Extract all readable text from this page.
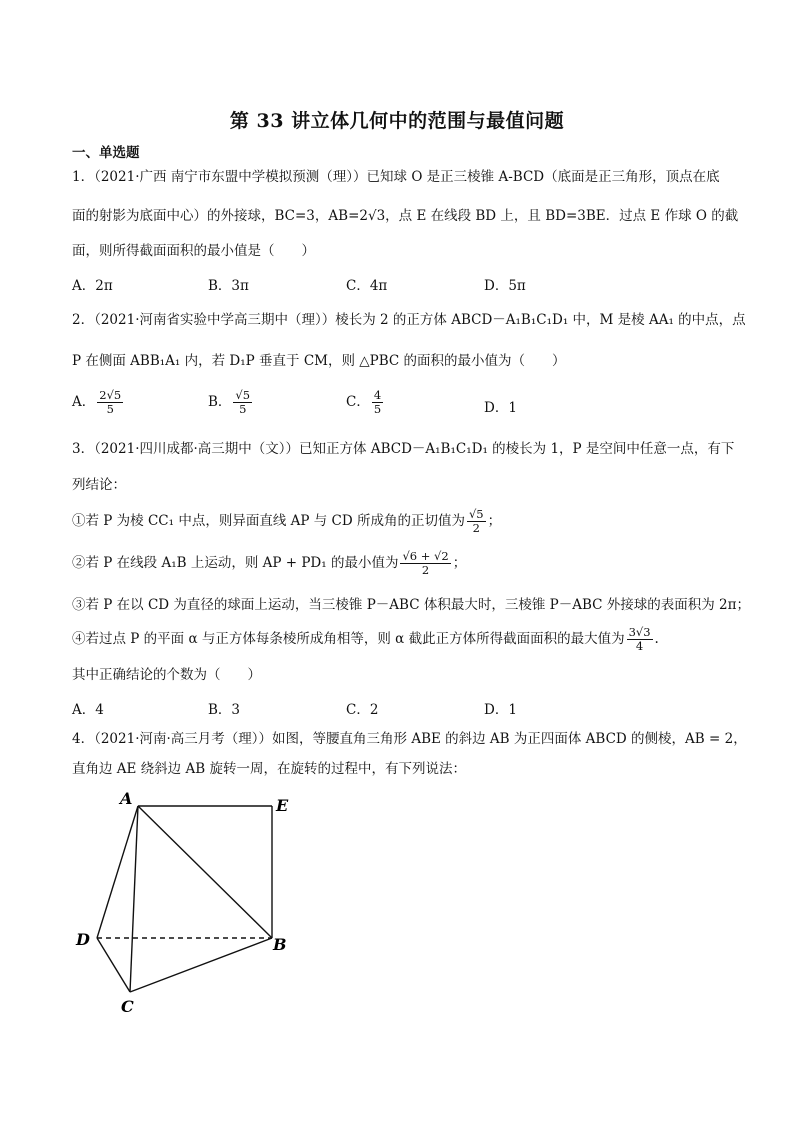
第 33 讲立体几何中的范围与最值问题
一、单选题
1．（2021·广西 南宁市东盟中学模拟预测（理））已知球 O 是正三棱锥 A-BCD（底面是正三角形，顶点在底
面的射影为底面中心）的外接球，BC=3，AB=2√3，点 E 在线段 BD 上，且 BD=3BE．过点 E 作球 O 的截
面，则所得截面面积的最小值是（　　）
A．2π	B．3π	C．4π	D．5π
2．（2021·河南省实验中学高三期中（理））棱长为 2 的正方体 ABCD－A₁B₁C₁D₁ 中，M 是棱 AA₁ 的中点，点
P 在侧面 ABB₁A₁ 内，若 D₁P 垂直于 CM，则 △PBC 的面积的最小值为（　　）
A． $\frac{2√5}{5}$	B． $\frac{√5}{5}$	C． $\frac{4}{5}$	D．1
3．（2021·四川成都·高三期中（文））已知正方体 ABCD－A₁B₁C₁D₁ 的棱长为 1，P 是空间中任意一点，有下
列结论：
①若 P 为棱 CC₁ 中点，则异面直线 AP 与 CD 所成角的正切值为 $\frac{√5}{2}$ ；
②若 P 在线段 A₁B 上运动，则 AP + PD₁ 的最小值为 $\frac{√6 + √2}{2}$ ；
③若 P 在以 CD 为直径的球面上运动，当三棱锥 P－ABC 体积最大时，三棱锥 P－ABC 外接球的表面积为 2π；
④若过点 P 的平面 α 与正方体每条棱所成角相等，则 α 截此正方体所得截面面积的最大值为 $\frac{3√3}{4}$ .
其中正确结论的个数为（　　）
A．4	B．3	C．2	D．1
4．（2021·河南·高三月考（理））如图，等腰直角三角形 ABE 的斜边 AB 为正四面体 ABCD 的侧棱，AB = 2，
直角边 AE 绕斜边 AB 旋转一周，在旋转的过程中，有下列说法：
A	E
D	B
C
